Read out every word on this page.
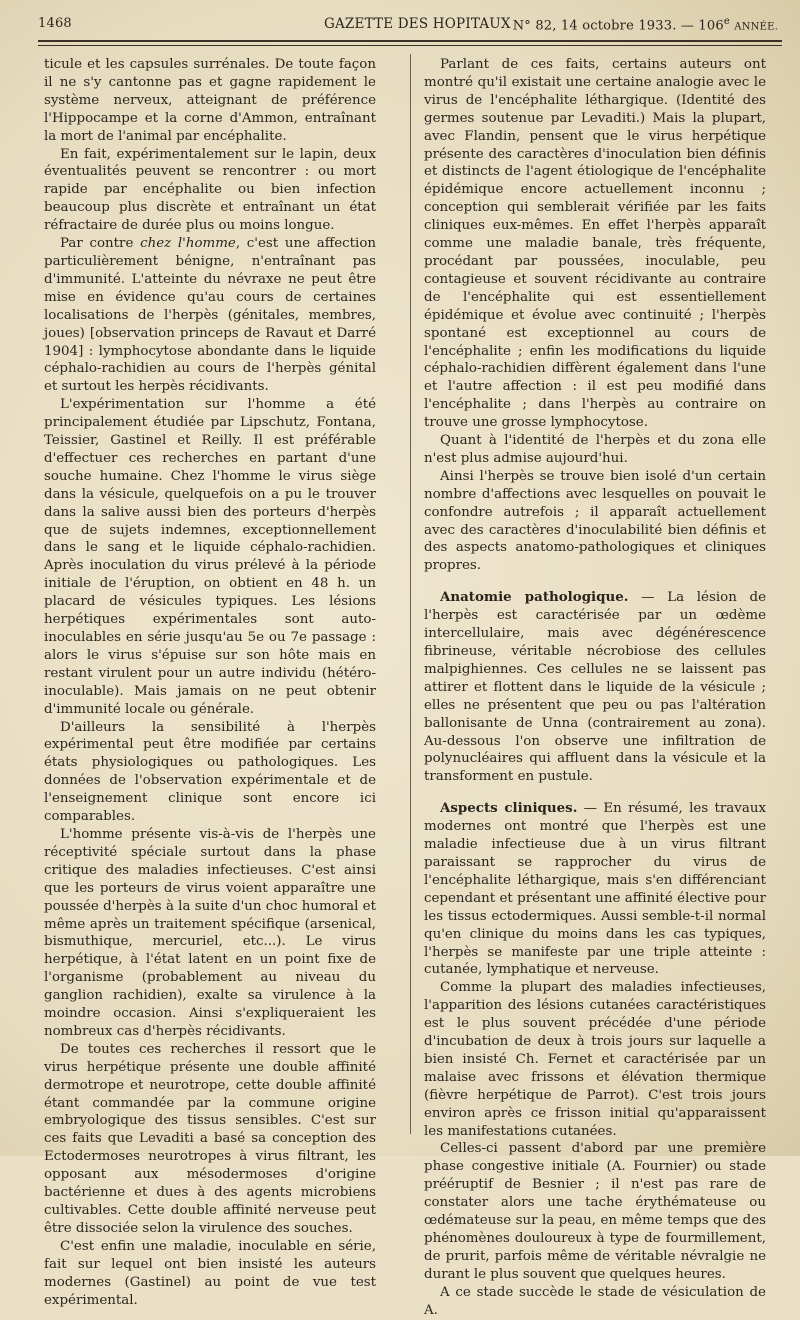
1468	GAZETTE DES HOPITAUX N° 82, 14 octobre 1933. — 106e ANNÉE.

ticule et les capsules surrénales. De toute façon il ne s'y cantonne pas et gagne rapidement le système nerveux, atteignant de préférence l'Hippocampe et la corne d'Ammon, entraînant la mort de l'animal par encéphalite.

En fait, expérimentalement sur le lapin, deux éventualités peuvent se rencontrer : ou mort rapide par encéphalite ou bien infection beaucoup plus discrète et entraînant un état réfractaire de durée plus ou moins longue.

Par contre chez l'homme, c'est une affection particulièrement bénigne, n'entraînant pas d'immunité. L'atteinte du névraxe ne peut être mise en évidence qu'au cours de certaines localisations de l'herpès (génitales, membres, joues) [observation princeps de Ravaut et Darré 1904] : lymphocytose abondante dans le liquide céphalo-rachidien au cours de l'herpès génital et surtout les herpès récidivants.

L'expérimentation sur l'homme a été principalement étudiée par Lipschutz, Fontana, Teissier, Gastinel et Reilly. Il est préférable d'effectuer ces recherches en partant d'une souche humaine. Chez l'homme le virus siège dans la vésicule, quelquefois on a pu le trouver dans la salive aussi bien des porteurs d'herpès que de sujets indemnes, exceptionnellement dans le sang et le liquide céphalo-rachidien. Après inoculation du virus prélevé à la période initiale de l'éruption, on obtient en 48 h. un placard de vésicules typiques. Les lésions herpétiques expérimentales sont auto-inoculables en série jusqu'au 5e ou 7e passage : alors le virus s'épuise sur son hôte mais en restant virulent pour un autre individu (hétéro-inoculable). Mais jamais on ne peut obtenir d'immunité locale ou générale.

D'ailleurs la sensibilité à l'herpès expérimental peut être modifiée par certains états physiologiques ou pathologiques. Les données de l'observation expérimentale et de l'enseignement clinique sont encore ici comparables.

L'homme présente vis-à-vis de l'herpès une réceptivité spéciale surtout dans la phase critique des maladies infectieuses. C'est ainsi que les porteurs de virus voient apparaître une poussée d'herpès à la suite d'un choc humoral et même après un traitement spécifique (arsenical, bismuthique, mercuriel, etc...). Le virus herpétique, à l'état latent en un point fixe de l'organisme (probablement au niveau du ganglion rachidien), exalte sa virulence à la moindre occasion. Ainsi s'expliqueraient les nombreux cas d'herpès récidivants.

De toutes ces recherches il ressort que le virus herpétique présente une double affinité dermotrope et neurotrope, cette double affinité étant commandée par la commune origine embryologique des tissus sensibles. C'est sur ces faits que Levaditi a basé sa conception des Ectodermoses neurotropes à virus filtrant, les opposant aux mésodermoses d'origine bactérienne et dues à des agents microbiens cultivables. Cette double affinité nerveuse peut être dissociée selon la virulence des souches.

C'est enfin une maladie, inoculable en série, fait sur lequel ont bien insisté les auteurs modernes (Gastinel) au point de vue test expérimental.

Parlant de ces faits, certains auteurs ont montré qu'il existait une certaine analogie avec le virus de l'encéphalite léthargique. (Identité des germes soutenue par Levaditi.) Mais la plupart, avec Flandin, pensent que le virus herpétique présente des caractères d'inoculation bien définis et distincts de l'agent étiologique de l'encéphalite épidémique encore actuellement inconnu ; conception qui semblerait vérifiée par les faits cliniques eux-mêmes. En effet l'herpès apparaît comme une maladie banale, très fréquente, procédant par poussées, inoculable, peu contagieuse et souvent récidivante au contraire de l'encéphalite qui est essentiellement épidémique et évolue avec continuité ; l'herpès spontané est exceptionnel au cours de l'encéphalite ; enfin les modifications du liquide céphalo-rachidien diffèrent également dans l'une et l'autre affection : il est peu modifié dans l'encéphalite ; dans l'herpès au contraire on trouve une grosse lymphocytose.

Quant à l'identité de l'herpès et du zona elle n'est plus admise aujourd'hui.

Ainsi l'herpès se trouve bien isolé d'un certain nombre d'affections avec lesquelles on pouvait le confondre autrefois ; il apparaît actuellement avec des caractères d'inoculabilité bien définis et des aspects anatomo-pathologiques et cliniques propres.

Anatomie pathologique. — La lésion de l'herpès est caractérisée par un œdème intercellulaire, mais avec dégénérescence fibrineuse, véritable nécrobiose des cellules malpighiennes. Ces cellules ne se laissent pas attirer et flottent dans le liquide de la vésicule ; elles ne présentent que peu ou pas l'altération ballonisante de Unna (contrairement au zona). Au-dessous l'on observe une infiltration de polynucléaires qui affluent dans la vésicule et la transforment en pustule.

Aspects cliniques. — En résumé, les travaux modernes ont montré que l'herpès est une maladie infectieuse due à un virus filtrant paraissant se rapprocher du virus de l'encéphalite léthargique, mais s'en différenciant cependant et présentant une affinité élective pour les tissus ectodermiques. Aussi semble-t-il normal qu'en clinique du moins dans les cas typiques, l'herpès se manifeste par une triple atteinte : cutanée, lymphatique et nerveuse.

Comme la plupart des maladies infectieuses, l'apparition des lésions cutanées caractéristiques est le plus souvent précédée d'une période d'incubation de deux à trois jours sur laquelle a bien insisté Ch. Fernet et caractérisée par un malaise avec frissons et élévation thermique (fièvre herpétique de Parrot). C'est trois jours environ après ce frisson initial qu'apparaissent les manifestations cutanées.

Celles-ci passent d'abord par une première phase congestive initiale (A. Fournier) ou stade prééruptif de Besnier ; il n'est pas rare de constater alors une tache érythémateuse ou œdémateuse sur la peau, en même temps que des phénomènes douloureux à type de fourmillement, de prurit, parfois même de véritable névralgie ne durant le plus souvent que quelques heures.

A ce stade succède le stade de vésiculation de A.
